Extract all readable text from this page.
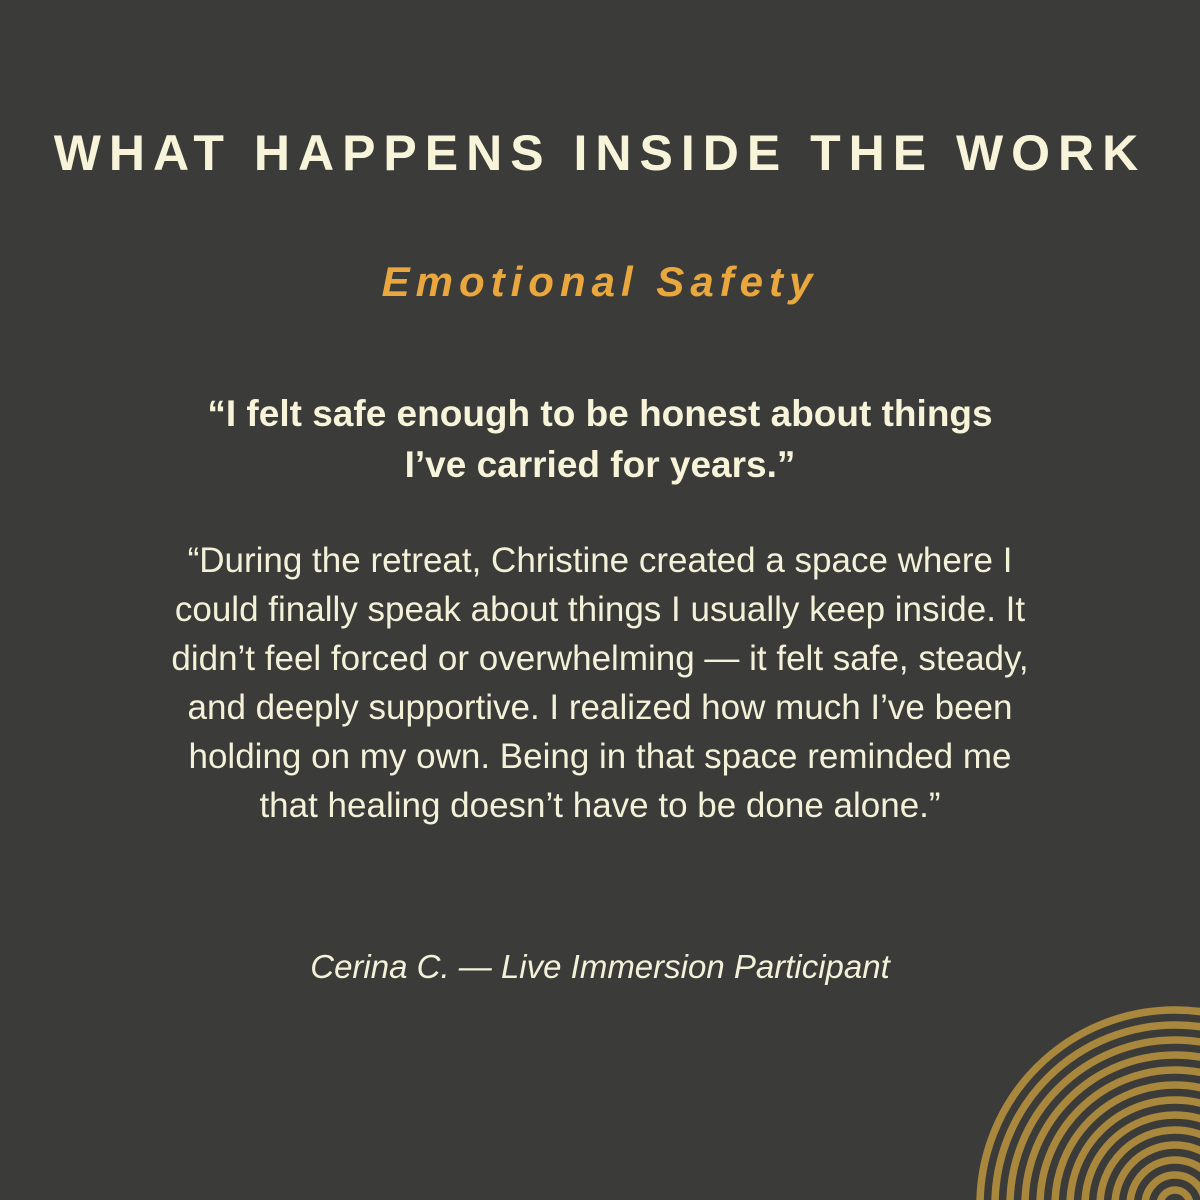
WHAT HAPPENS INSIDE THE WORK
Emotional Safety
“I felt safe enough to be honest about things
I’ve carried for years.”
“During the retreat, Christine created a space where I
could finally speak about things I usually keep inside. It
didn’t feel forced or overwhelming — it felt safe, steady,
and deeply supportive. I realized how much I’ve been
holding on my own. Being in that space reminded me
that healing doesn’t have to be done alone.”
Cerina C. — Live Immersion Participant
